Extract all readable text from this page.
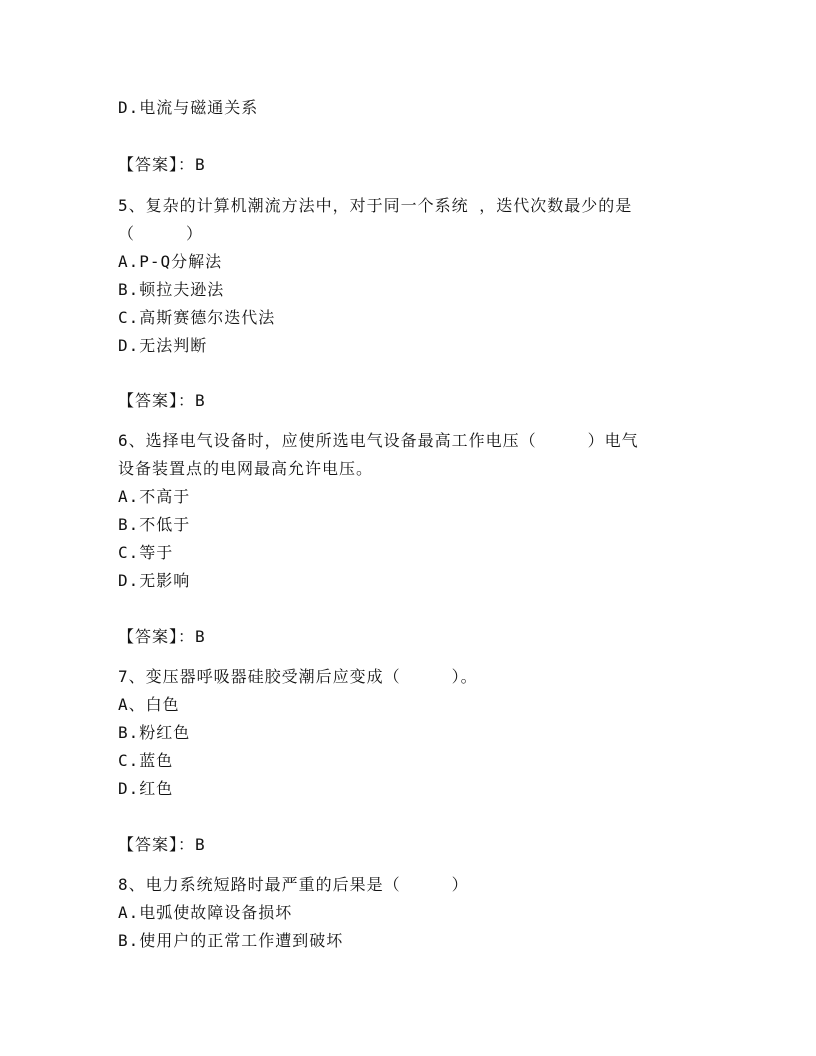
D.电流与磁通关系
【答案】：B
5、复杂的计算机潮流方法中，对于同一个系统 ，迭代次数最少的是
（　　　）
A.P-Q分解法
B.顿拉夫逊法
C.高斯赛德尔迭代法
D.无法判断
【答案】：B
6、选择电气设备时，应使所选电气设备最高工作电压（　　　）电气
设备装置点的电网最高允许电压。
A.不高于
B.不低于
C.等于
D.无影响
【答案】：B
7、变压器呼吸器硅胶受潮后应变成（　　　）。
A、白色
B.粉红色
C.蓝色
D.红色
【答案】：B
8、电力系统短路时最严重的后果是（　　　）
A.电弧使故障设备损坏
B.使用户的正常工作遭到破坏
